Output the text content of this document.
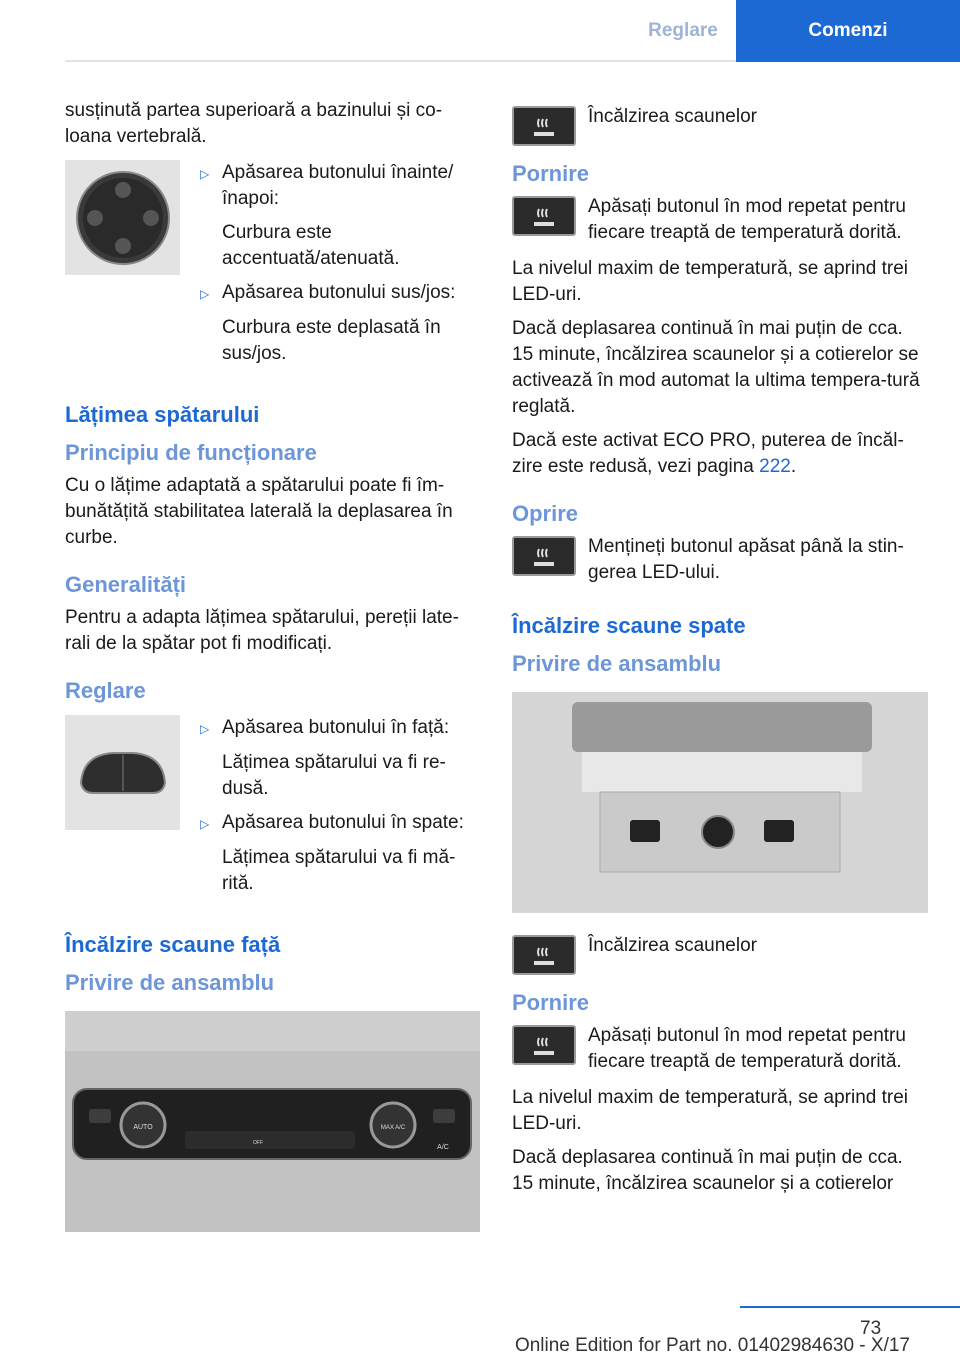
Reglare	Comenzi

susținută partea superioară a bazinului și co-loana vertebrală.

▷ Apăsarea butonului înainte/înapoi:
Curbura este accentuată/atenuată.
▷ Apăsarea butonului sus/jos:
Curbura este deplasată în sus/jos.
Lățimea spătarului
Principiu de funcționare

Cu o lățime adaptată a spătarului poate fi îm-bunătățită stabilitatea laterală la deplasarea în curbe.

Generalități

Pentru a adapta lățimea spătarului, pereții late-rali de la spătar pot fi modificați.

Reglare
▷ Apăsarea butonului în față:
Lățimea spătarului va fi re-dusă.
▷ Apăsarea butonului în spate:
Lățimea spătarului va fi mă-rită.
Încălzire scaune față
Privire de ansamblu
AUTO	MAX A/C
A/C
OFF
Încălzirea scaunelor
Pornire
Apăsați butonul în mod repetat pentru fiecare treaptă de temperatură dorită.

La nivelul maxim de temperatură, se aprind trei LED-uri.

Dacă deplasarea continuă în mai puțin de cca. 15 minute, încălzirea scaunelor și a cotierelor se activează în mod automat la ultima tempera-tură reglată.

Dacă este activat ECO PRO, puterea de încăl-zire este redusă, vezi pagina 222.

Oprire
Mențineți butonul apăsat până la stin-gerea LED-ului.
Încălzire scaune spate
Privire de ansamblu
Încălzirea scaunelor
Pornire
Apăsați butonul în mod repetat pentru fiecare treaptă de temperatură dorită.

La nivelul maxim de temperatură, se aprind trei LED-uri.

Dacă deplasarea continuă în mai puțin de cca. 15 minute, încălzirea scaunelor și a cotierelor

73
Online Edition for Part no. 01402984630 - X/17
